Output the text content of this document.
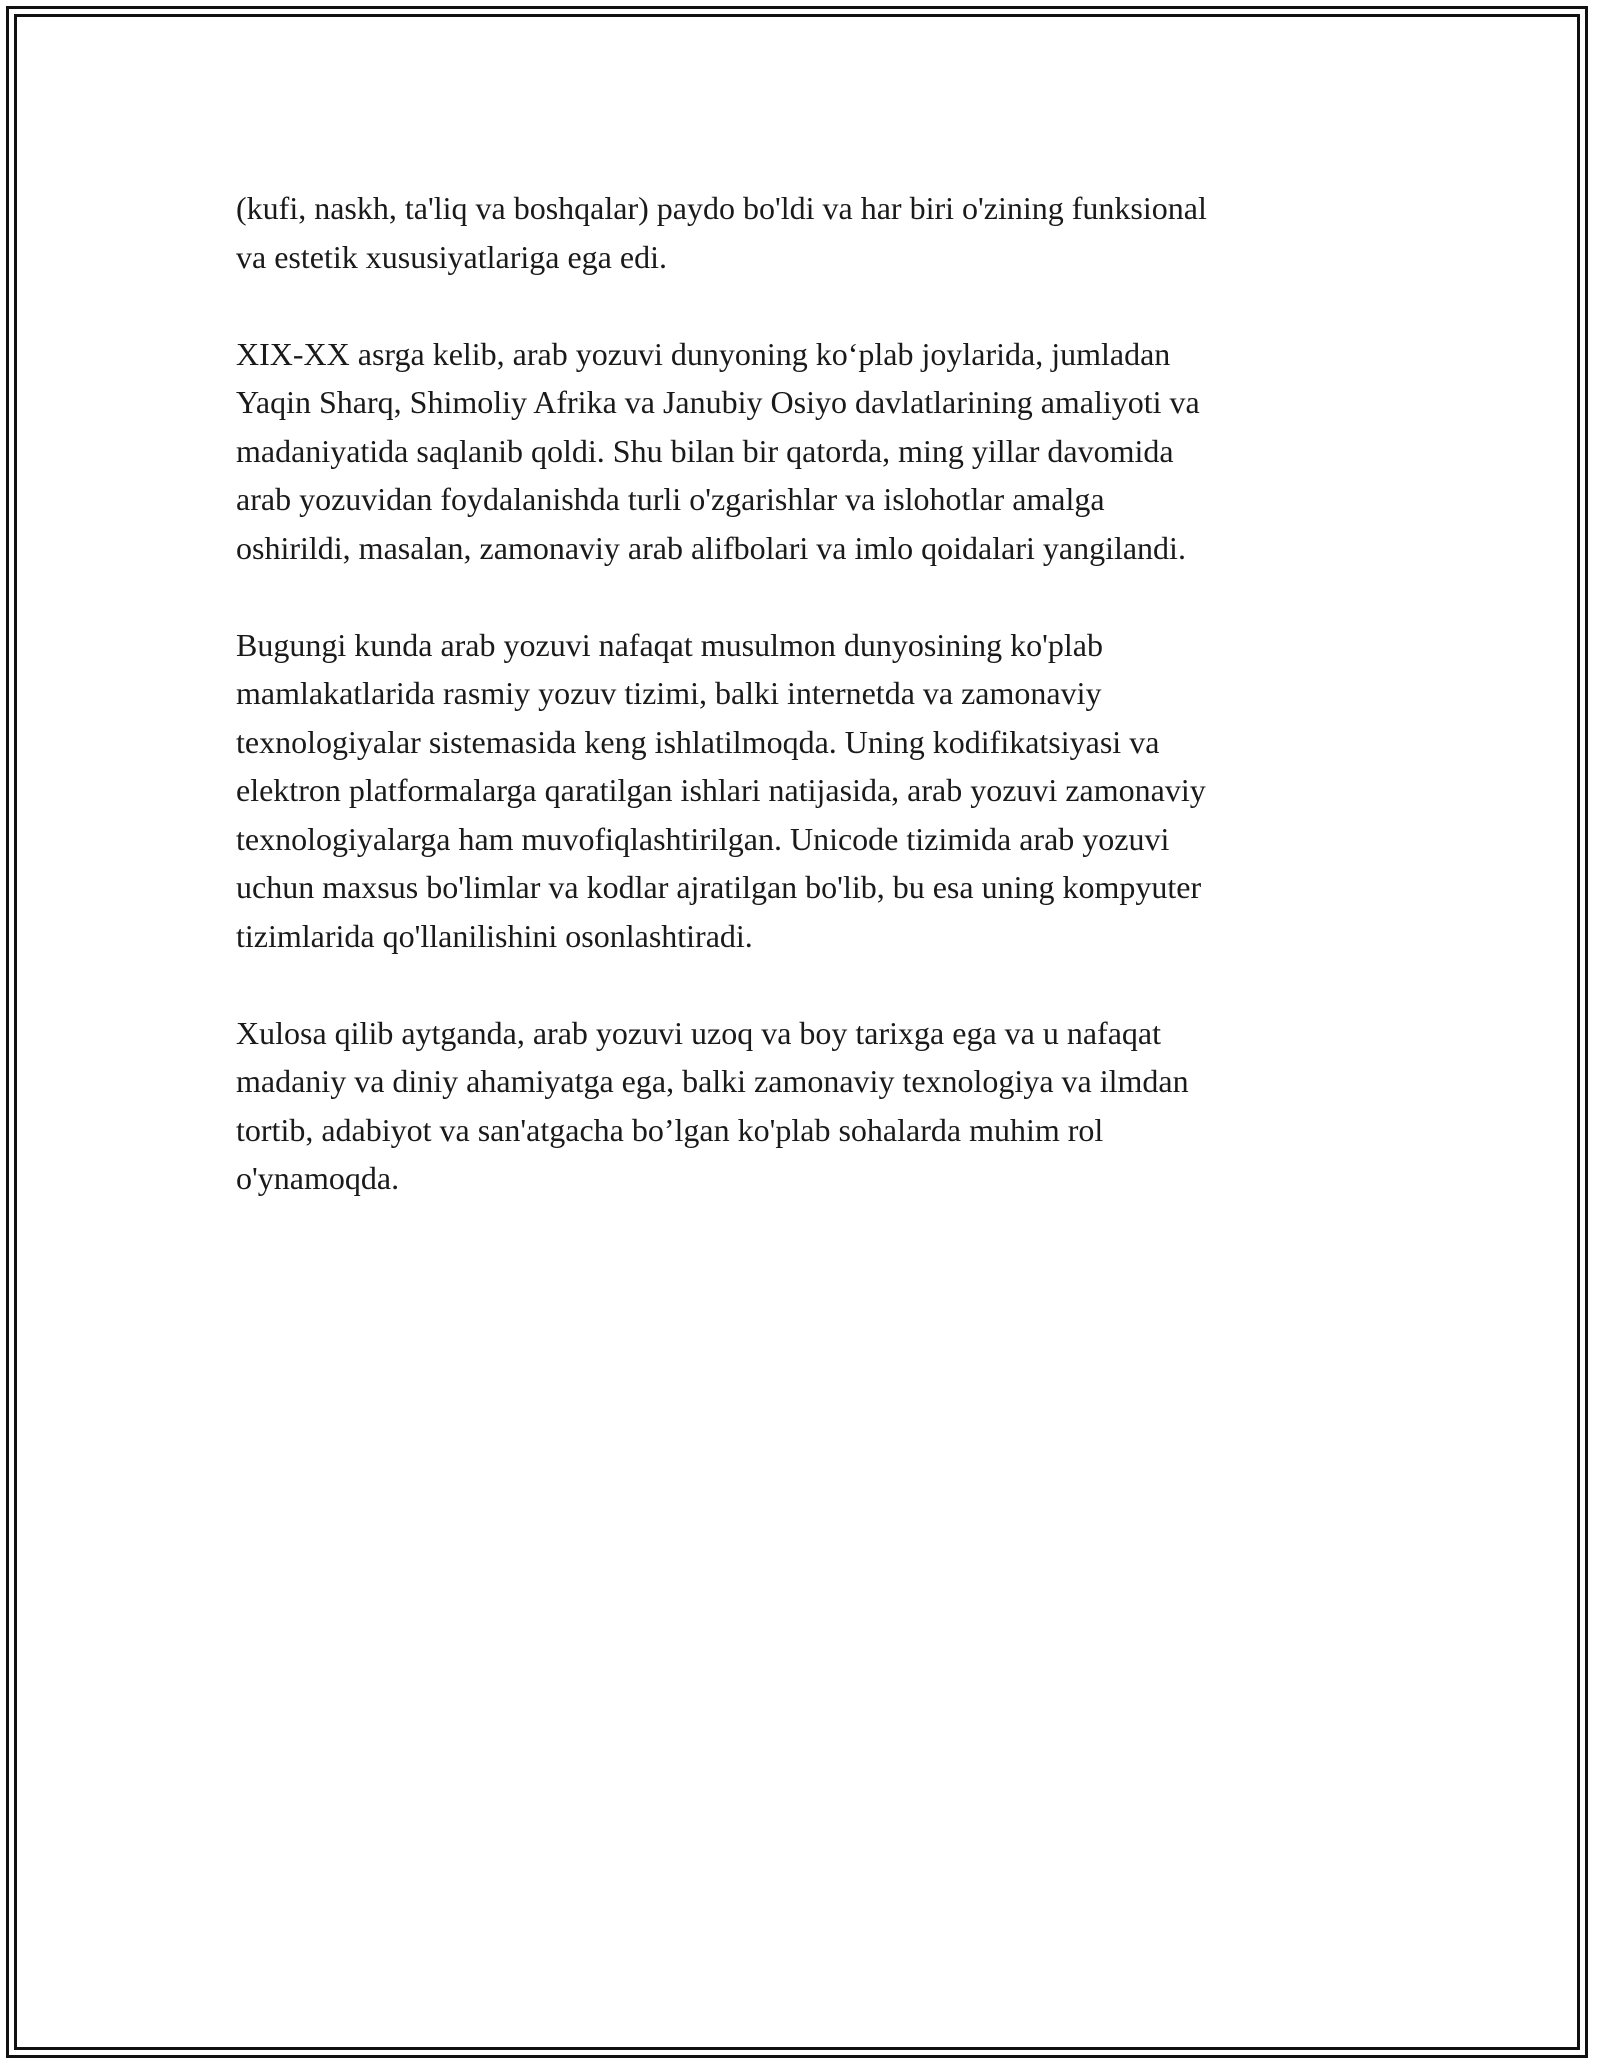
(kufi, naskh, ta'liq va boshqalar) paydo bo'ldi va har biri o'zining funksional
va estetik xususiyatlariga ega edi.

XIX-XX asrga kelib, arab yozuvi dunyoning ko‘plab joylarida, jumladan
Yaqin Sharq, Shimoliy Afrika va Janubiy Osiyo davlatlarining amaliyoti va
madaniyatida saqlanib qoldi. Shu bilan bir qatorda, ming yillar davomida
arab yozuvidan foydalanishda turli o'zgarishlar va islohotlar amalga
oshirildi, masalan, zamonaviy arab alifbolari va imlo qoidalari yangilandi.

Bugungi kunda arab yozuvi nafaqat musulmon dunyosining ko'plab
mamlakatlarida rasmiy yozuv tizimi, balki internetda va zamonaviy
texnologiyalar sistemasida keng ishlatilmoqda. Uning kodifikatsiyasi va
elektron platformalarga qaratilgan ishlari natijasida, arab yozuvi zamonaviy
texnologiyalarga ham muvofiqlashtirilgan. Unicode tizimida arab yozuvi
uchun maxsus bo'limlar va kodlar ajratilgan bo'lib, bu esa uning kompyuter
tizimlarida qo'llanilishini osonlashtiradi.

Xulosa qilib aytganda, arab yozuvi uzoq va boy tarixga ega va u nafaqat
madaniy va diniy ahamiyatga ega, balki zamonaviy texnologiya va ilmdan
tortib, adabiyot va san'atgacha bo’lgan ko'plab sohalarda muhim rol
o'ynamoqda.
